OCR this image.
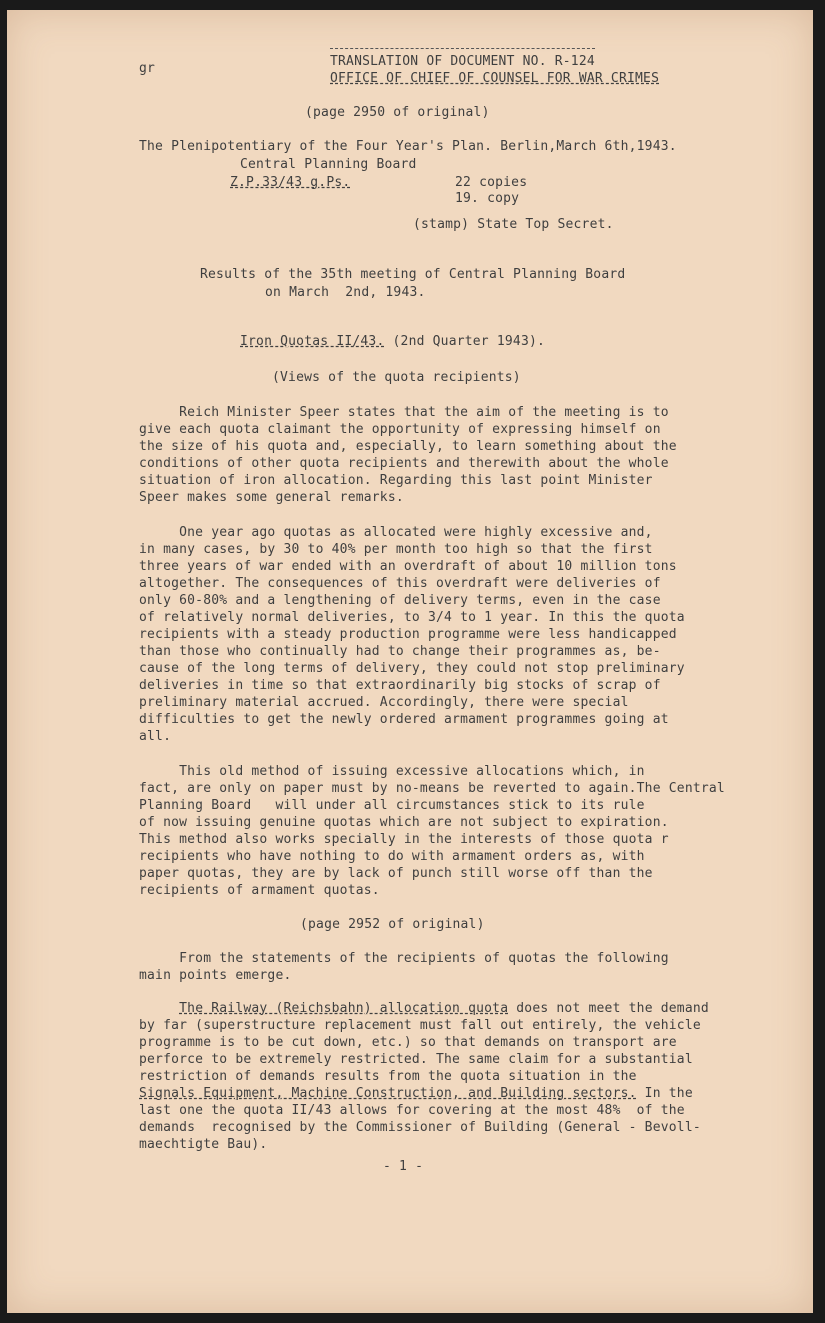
gr	TRANSLATION OF DOCUMENT NO. R-124

OFFICE OF CHIEF OF COUNSEL FOR WAR CRIMES

(page 2950 of original)

The Plenipotentiary of the Four Year's Plan. Berlin,March 6th,1943.

Central Planning Board

Z.P.33/43 g.Ps.	22 copies

19. copy

(stamp) State Top Secret.

Results of the 35th meeting of Central Planning Board

on March  2nd, 1943.

Iron Quotas II/43. (2nd Quarter 1943).

(Views of the quota recipients)

Reich Minister Speer states that the aim of the meeting is to

give each quota claimant the opportunity of expressing himself on

the size of his quota and, especially, to learn something about the

conditions of other quota recipients and therewith about the whole

situation of iron allocation. Regarding this last point Minister

Speer makes some general remarks.

One year ago quotas as allocated were highly excessive and,

in many cases, by 30 to 40% per month too high so that the first

three years of war ended with an overdraft of about 10 million tons

altogether. The consequences of this overdraft were deliveries of

only 60-80% and a lengthening of delivery terms, even in the case

of relatively normal deliveries, to 3/4 to 1 year. In this the quota

recipients with a steady production programme were less handicapped

than those who continually had to change their programmes as, be-

cause of the long terms of delivery, they could not stop preliminary

deliveries in time so that extraordinarily big stocks of scrap of

preliminary material accrued. Accordingly, there were special

difficulties to get the newly ordered armament programmes going at

all.

This old method of issuing excessive allocations which, in

fact, are only on paper must by no-means be reverted to again.The Central

Planning Board   will under all circumstances stick to its rule

of now issuing genuine quotas which are not subject to expiration.

This method also works specially in the interests of those quota r

recipients who have nothing to do with armament orders as, with

paper quotas, they are by lack of punch still worse off than the

recipients of armament quotas.

(page 2952 of original)

From the statements of the recipients of quotas the following

main points emerge.

The Railway (Reichsbahn) allocation quota does not meet the demand

by far (superstructure replacement must fall out entirely, the vehicle

programme is to be cut down, etc.) so that demands on transport are

perforce to be extremely restricted. The same claim for a substantial

restriction of demands results from the quota situation in the

Signals Equipment, Machine Construction, and Building sectors. In the

last one the quota II/43 allows for covering at the most 48%  of the

demands  recognised by the Commissioner of Building (General - Bevoll-

maechtigte Bau).

- 1 -
